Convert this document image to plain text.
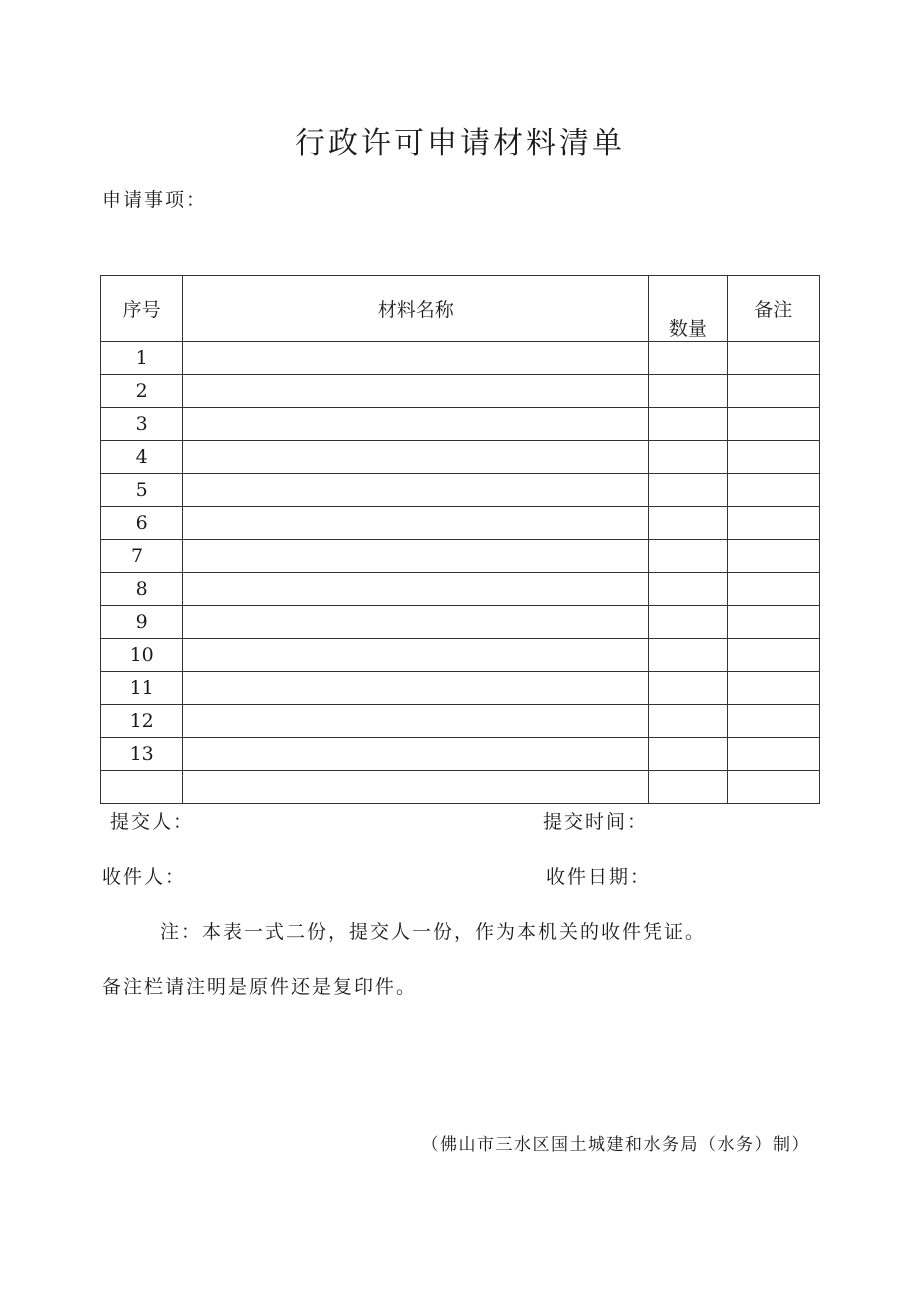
行政许可申请材料清单
申请事项：
序号	材料名称	数量	备注
1			
2			
3			
4			
5			
6			
7			
8			
9			
10			
11			
12			
13			

提交人：	提交时间：
收件人：	收件日期：
注：本表一式二份，提交人一份，作为本机关的收件凭证。
备注栏请注明是原件还是复印件。
（佛山市三水区国土城建和水务局（水务）制）
